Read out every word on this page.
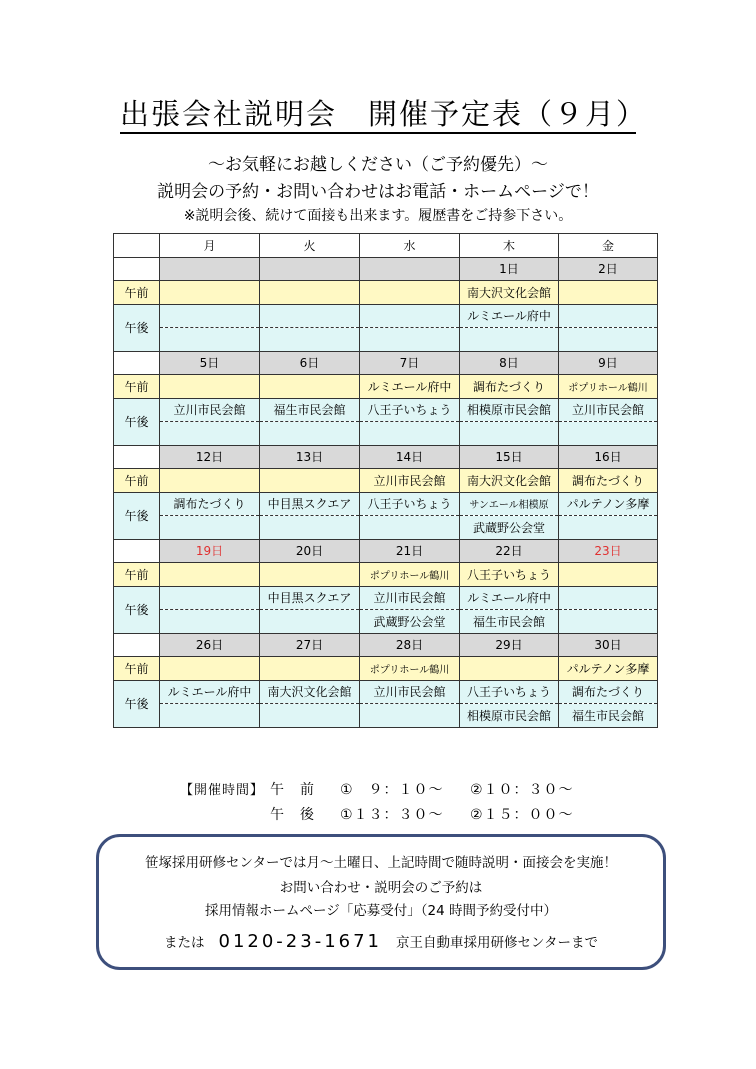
出張会社説明会　開催予定表（９月）
～お気軽にお越しください（ご予約優先）～
説明会の予約・お問い合わせはお電話・ホームページで！
※説明会後、続けて面接も出来ます。履歴書をご持参下さい。
	月	火	水	木	金
				1日	2日
午前				南大沢文化会館	
午後				ルミエール府中	

	5日	6日	7日	8日	9日
午前			ルミエール府中	調布たづくり	ポプリホール鶴川
午後	立川市民会館	福生市民会館	八王子いちょう	相模原市民会館	立川市民会館

	12日	13日	14日	15日	16日
午前			立川市民会館	南大沢文化会館	調布たづくり
午後	調布たづくり	中目黒スクエア	八王子いちょう	サンエール相模原	パルテノン多摩
				武蔵野公会堂	
	19日	20日	21日	22日	23日
午前			ポプリホール鶴川	八王子いちょう	
午後		中目黒スクエア	立川市民会館	ルミエール府中	
			武蔵野公会堂	福生市民会館	
	26日	27日	28日	29日	30日
午前			ポプリホール鶴川		パルテノン多摩
午後	ルミエール府中	南大沢文化会館	立川市民会館	八王子いちょう	調布たづくり
				相模原市民会館	福生市民会館
【開催時間】 午　前 ①　９：１０～ ②１０：３０～
午　後 ①１３：３０～ ②１５：００～
笹塚採用研修センターでは月～土曜日、上記時間で随時説明・面接会を実施！
お問い合わせ・説明会のご予約は
採用情報ホームページ「応募受付」（24 時間予約受付中）
または 0120-23-1671 京王自動車採用研修センターまで
